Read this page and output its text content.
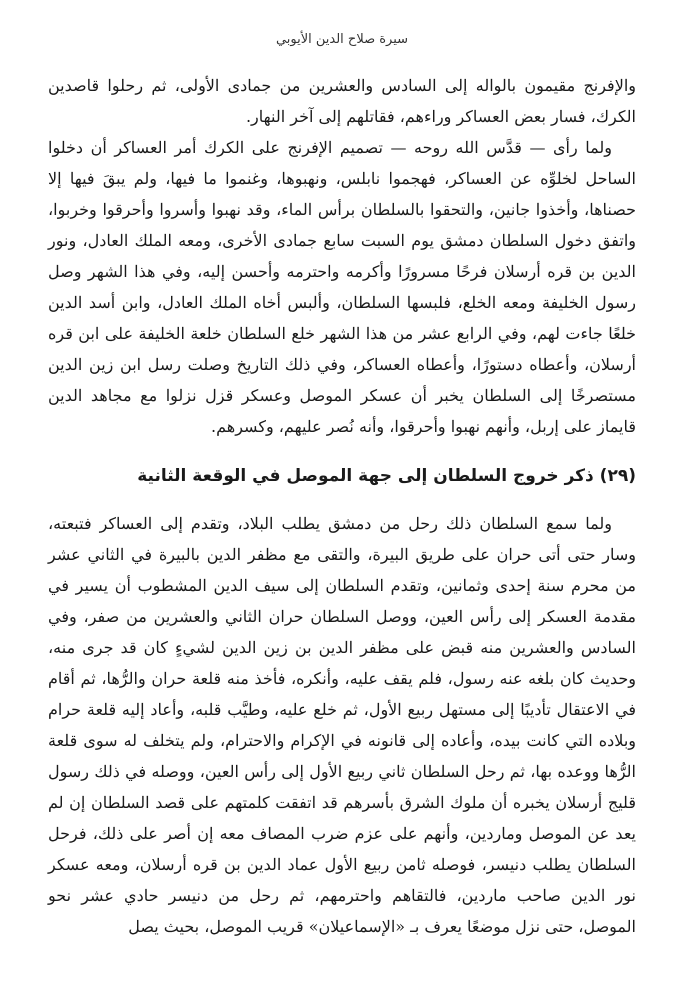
سيرة صلاح الدين الأيوبي

والإفرنج مقيمون بالواله إلى السادس والعشرين من جمادى الأولى، ثم رحلوا قاصدين الكرك، فسار بعض العساكر وراءهم، فقاتلهم إلى آخر النهار.

ولما رأى — قدَّس الله روحه — تصميم الإفرنج على الكرك أمر العساكر أن دخلوا الساحل لخلوِّه عن العساكر، فهجموا نابلس، ونهبوها، وغنموا ما فيها، ولم يبقَ فيها إلا حصناها، وأخذوا جانين، والتحقوا بالسلطان برأس الماء، وقد نهبوا وأسروا وأحرقوا وخربوا، واتفق دخول السلطان دمشق يوم السبت سابع جمادى الأخرى، ومعه الملك العادل، ونور الدين بن قره أرسلان فرحًا مسرورًا وأكرمه واحترمه وأحسن إليه، وفي هذا الشهر وصل رسول الخليفة ومعه الخلع، فلبسها السلطان، وألبس أخاه الملك العادل، وابن أسد الدين خلعًا جاءت لهم، وفي الرابع عشر من هذا الشهر خلع السلطان خلعة الخليفة على ابن قره أرسلان، وأعطاه دستورًا، وأعطاه العساكر، وفي ذلك التاريخ وصلت رسل ابن زين الدين مستصرخًا إلى السلطان يخبر أن عسكر الموصل وعسكر قزل نزلوا مع مجاهد الدين قايماز على إربل، وأنهم نهبوا وأحرقوا، وأنه نُصر عليهم، وكسرهم.

(٢٩) ذكر خروج السلطان إلى جهة الموصل في الوقعة الثانية

ولما سمع السلطان ذلك رحل من دمشق يطلب البلاد، وتقدم إلى العساكر فتبعته، وسار حتى أتى حران على طريق البيرة، والتقى مع مظفر الدين بالبيرة في الثاني عشر من محرم سنة إحدى وثمانين، وتقدم السلطان إلى سيف الدين المشطوب أن يسير في مقدمة العسكر إلى رأس العين، ووصل السلطان حران الثاني والعشرين من صفر، وفي السادس والعشرين منه قبض على مظفر الدين بن زين الدين لشيءٍ كان قد جرى منه، وحديث كان بلغه عنه رسول، فلم يقف عليه، وأنكره، فأخذ منه قلعة حران والرُّها، ثم أقام في الاعتقال تأديبًا إلى مستهل ربيع الأول، ثم خلع عليه، وطيَّب قلبه، وأعاد إليه قلعة حرام وبلاده التي كانت بيده، وأعاده إلى قانونه في الإكرام والاحترام، ولم يتخلف له سوى قلعة الرُّها ووعده بها، ثم رحل السلطان ثاني ربيع الأول إلى رأس العين، ووصله في ذلك رسول قليج أرسلان يخبره أن ملوك الشرق بأسرهم قد اتفقت كلمتهم على قصد السلطان إن لم يعد عن الموصل وماردين، وأنهم على عزم ضرب المصاف معه إن أصر على ذلك، فرحل السلطان يطلب دنيسر، فوصله ثامن ربيع الأول عماد الدين بن قره أرسلان، ومعه عسكر نور الدين صاحب ماردين، فالتقاهم واحترمهم، ثم رحل من دنيسر حادي عشر نحو الموصل، حتى نزل موضعًا يعرف بـ «الإسماعيلان» قريب الموصل، بحيث يصل
